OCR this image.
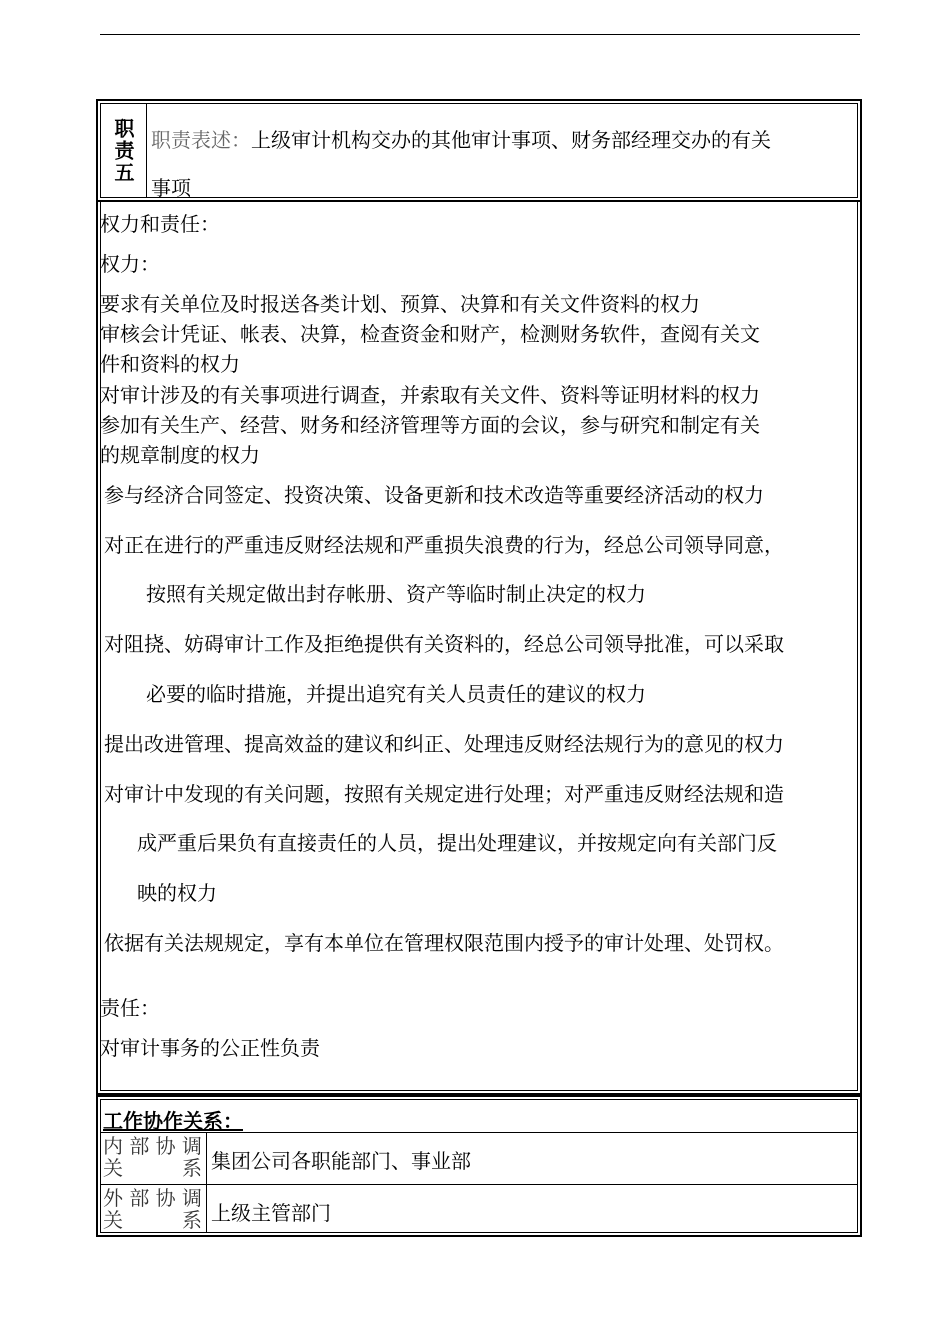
职责五 职责表述：上级审计机构交办的其他审计事项、财务部经理交办的有关
事项
权力和责任：
权力：
要求有关单位及时报送各类计划、预算、决算和有关文件资料的权力
审核会计凭证、帐表、决算，检查资金和财产，检测财务软件，查阅有关文
件和资料的权力
对审计涉及的有关事项进行调查，并索取有关文件、资料等证明材料的权力
参加有关生产、经营、财务和经济管理等方面的会议，参与研究和制定有关
的规章制度的权力
参与经济合同签定、投资决策、设备更新和技术改造等重要经济活动的权力
对正在进行的严重违反财经法规和严重损失浪费的行为，经总公司领导同意，
按照有关规定做出封存帐册、资产等临时制止决定的权力
对阻挠、妨碍审计工作及拒绝提供有关资料的，经总公司领导批准，可以采取
必要的临时措施，并提出追究有关人员责任的建议的权力
提出改进管理、提高效益的建议和纠正、处理违反财经法规行为的意见的权力
对审计中发现的有关问题，按照有关规定进行处理；对严重违反财经法规和造
成严重后果负有直接责任的人员，提出处理建议，并按规定向有关部门反
映的权力
依据有关法规规定，享有本单位在管理权限范围内授予的审计处理、处罚权。
责任：
对审计事务的公正性负责
工作协作关系：
内部协调关系 集团公司各职能部门、事业部
外部协调关系 上级主管部门
